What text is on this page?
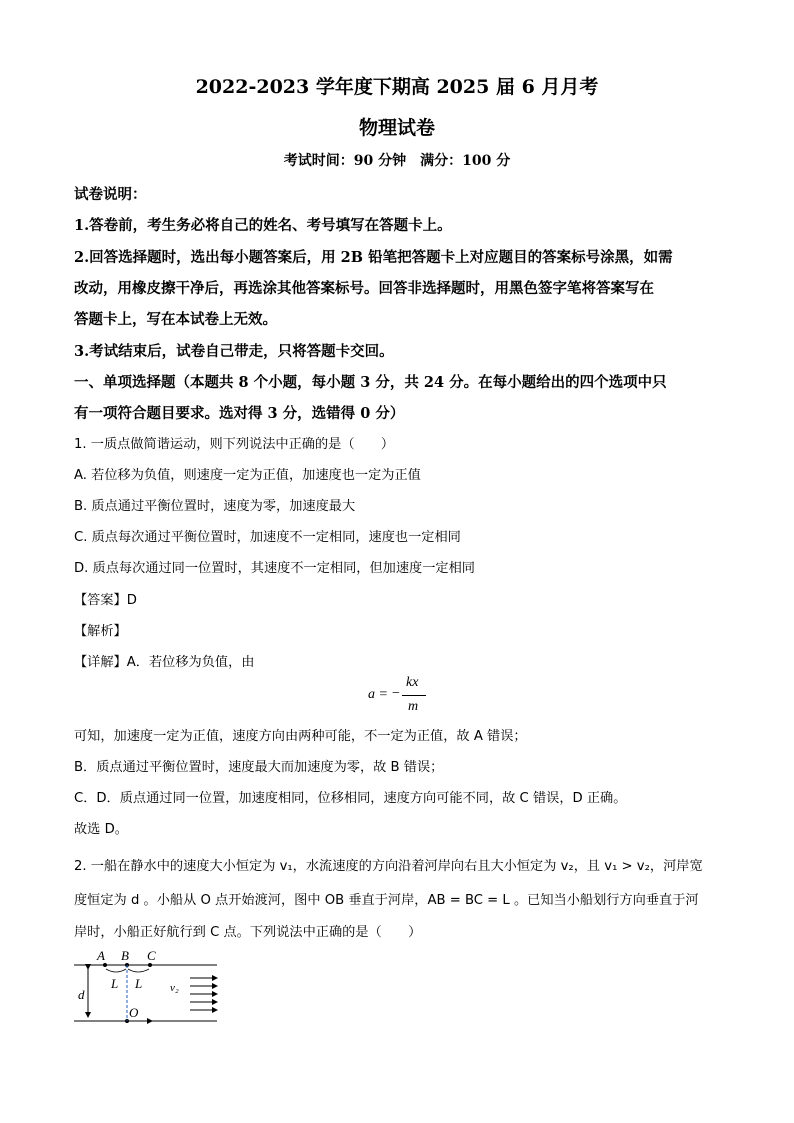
2022-2023 学年度下期高 2025 届 6 月月考
物理试卷
考试时间：90 分钟　满分：100 分
试卷说明：
1.答卷前，考生务必将自己的姓名、考号填写在答题卡上。
2.回答选择题时，选出每小题答案后，用 2B 铅笔把答题卡上对应题目的答案标号涂黑，如需
改动，用橡皮擦干净后，再选涂其他答案标号。回答非选择题时，用黑色签字笔将答案写在
答题卡上，写在本试卷上无效。
3.考试结束后，试卷自己带走，只将答题卡交回。
一、单项选择题（本题共 8 个小题，每小题 3 分，共 24 分。在每小题给出的四个选项中只
有一项符合题目要求。选对得 3 分，选错得 0 分）
1. 一质点做简谐运动，则下列说法中正确的是（　　）
A. 若位移为负值，则速度一定为正值，加速度也一定为正值
B. 质点通过平衡位置时，速度为零，加速度最大
C. 质点每次通过平衡位置时，加速度不一定相同，速度也一定相同
D. 质点每次通过同一位置时，其速度不一定相同，但加速度一定相同
【答案】D
【解析】
【详解】A．若位移为负值，由
a = −
kx
m
可知，加速度一定为正值，速度方向由两种可能，不一定为正值，故 A 错误；
B．质点通过平衡位置时，速度最大而加速度为零，故 B 错误；
C．D．质点通过同一位置，加速度相同，位移相同，速度方向可能不同，故 C 错误，D 正确。
故选 D。
2. 一船在静水中的速度大小恒定为 v₁，水流速度的方向沿着河岸向右且大小恒定为 v₂，且 v₁ > v₂，河岸宽
度恒定为 d 。小船从 O 点开始渡河，图中 OB 垂直于河岸，AB = BC = L 。已知当小船划行方向垂直于河
岸时，小船正好航行到 C 点。下列说法中正确的是（　　）
A B C
L L
d
O
v₂
